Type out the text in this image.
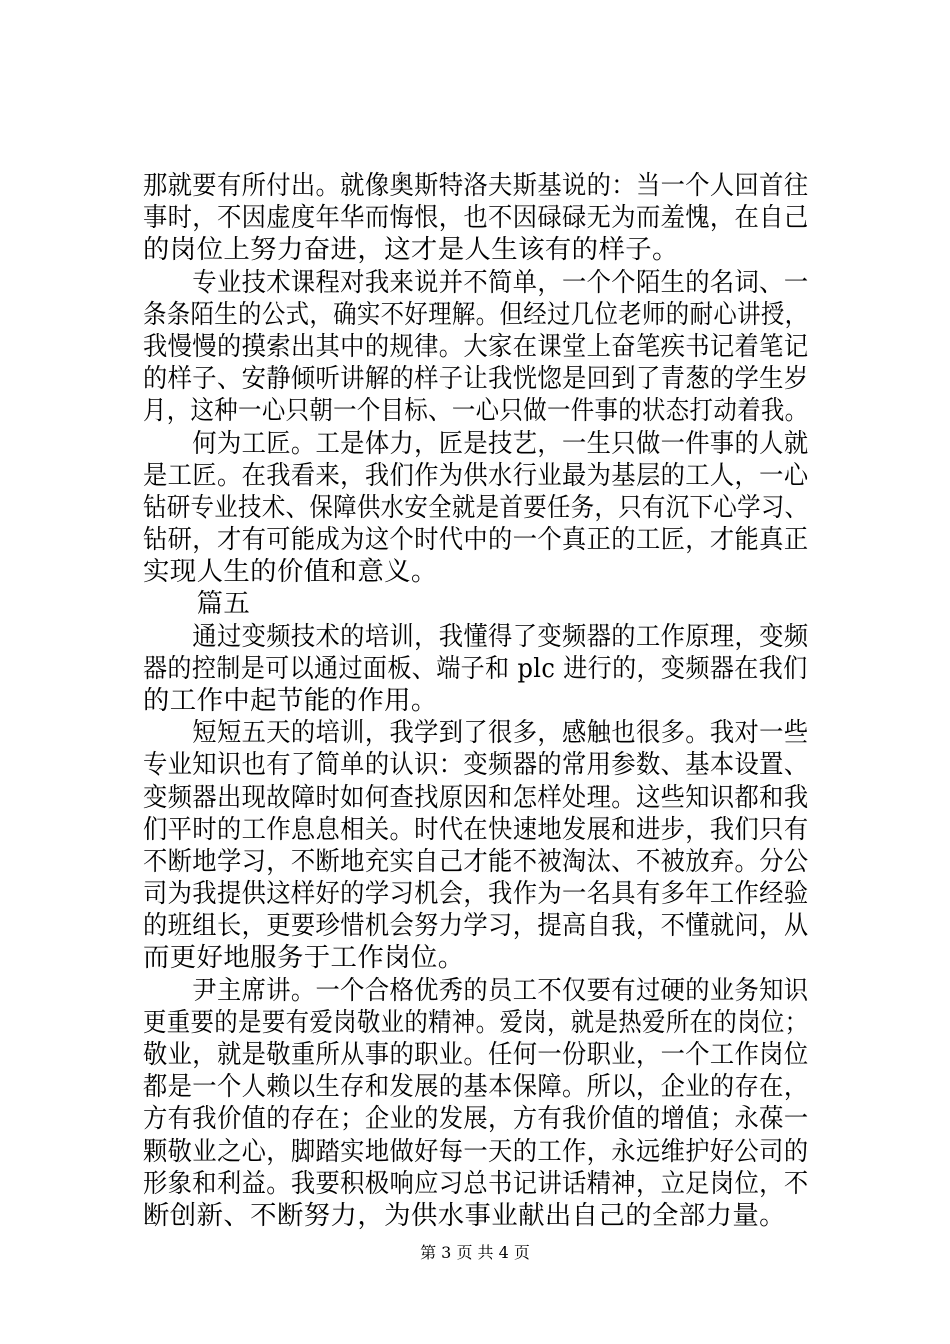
那就要有所付出。就像奥斯特洛夫斯基说的：当一个人回首往
事时，不因虚度年华而悔恨，也不因碌碌无为而羞愧，在自己
的岗位上努力奋进，这才是人生该有的样子。
　　专业技术课程对我来说并不简单，一个个陌生的名词、一
条条陌生的公式，确实不好理解。但经过几位老师的耐心讲授，
我慢慢的摸索出其中的规律。大家在课堂上奋笔疾书记着笔记
的样子、安静倾听讲解的样子让我恍惚是回到了青葱的学生岁
月，这种一心只朝一个目标、一心只做一件事的状态打动着我。
　　何为工匠。工是体力，匠是技艺，一生只做一件事的人就
是工匠。在我看来，我们作为供水行业最为基层的工人，一心
钻研专业技术、保障供水安全就是首要任务，只有沉下心学习、
钻研，才有可能成为这个时代中的一个真正的工匠，才能真正
实现人生的价值和意义。
　　篇五
　　通过变频技术的培训，我懂得了变频器的工作原理，变频
器的控制是可以通过面板、端子和 plc 进行的，变频器在我们
的工作中起节能的作用。
　　短短五天的培训，我学到了很多，感触也很多。我对一些
专业知识也有了简单的认识：变频器的常用参数、基本设置、
变频器出现故障时如何查找原因和怎样处理。这些知识都和我
们平时的工作息息相关。时代在快速地发展和进步，我们只有
不断地学习，不断地充实自己才能不被淘汰、不被放弃。分公
司为我提供这样好的学习机会，我作为一名具有多年工作经验
的班组长，更要珍惜机会努力学习，提高自我，不懂就问，从
而更好地服务于工作岗位。
　　尹主席讲。一个合格优秀的员工不仅要有过硬的业务知识
更重要的是要有爱岗敬业的精神。爱岗，就是热爱所在的岗位；
敬业，就是敬重所从事的职业。任何一份职业，一个工作岗位
都是一个人赖以生存和发展的基本保障。所以，企业的存在，
方有我价值的存在；企业的发展，方有我价值的增值；永葆一
颗敬业之心，脚踏实地做好每一天的工作，永远维护好公司的
形象和利益。我要积极响应习总书记讲话精神，立足岗位，不
断创新、不断努力，为供水事业献出自己的全部力量。
第 3 页 共 4 页
